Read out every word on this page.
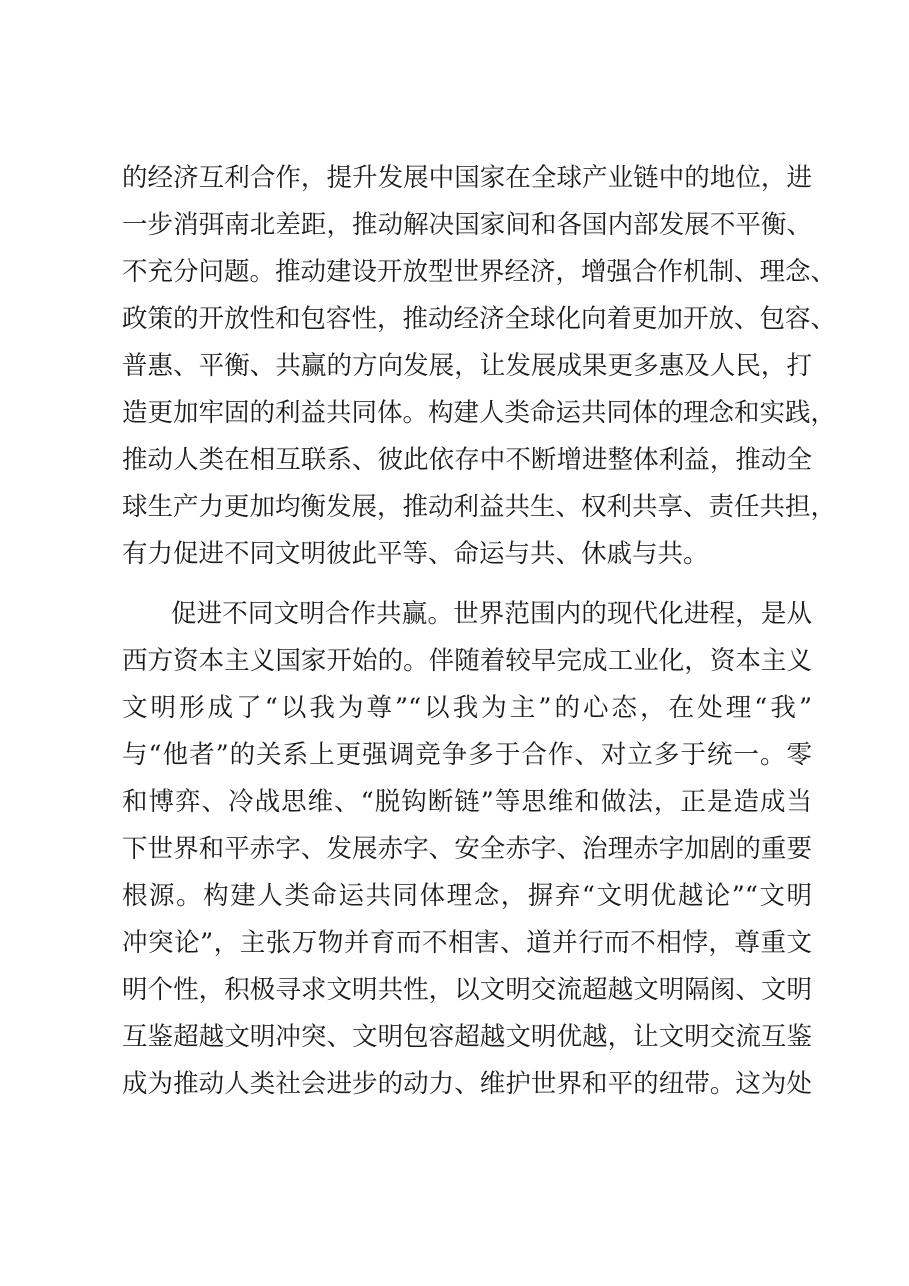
的经济互利合作，提升发展中国家在全球产业链中的地位，进
一步消弭南北差距，推动解决国家间和各国内部发展不平衡、
不充分问题。推动建设开放型世界经济，增强合作机制、理念、
政策的开放性和包容性，推动经济全球化向着更加开放、包容、
普惠、平衡、共赢的方向发展，让发展成果更多惠及人民，打
造更加牢固的利益共同体。构建人类命运共同体的理念和实践，
推动人类在相互联系、彼此依存中不断增进整体利益，推动全
球生产力更加均衡发展，推动利益共生、权利共享、责任共担，
有力促进不同文明彼此平等、命运与共、休戚与共。
促进不同文明合作共赢。世界范围内的现代化进程，是从
西方资本主义国家开始的。伴随着较早完成工业化，资本主义
文明形成了“以我为尊”“以我为主”的心态，在处理“我”
与“他者”的关系上更强调竞争多于合作、对立多于统一。零
和博弈、冷战思维、“脱钩断链”等思维和做法，正是造成当
下世界和平赤字、发展赤字、安全赤字、治理赤字加剧的重要
根源。构建人类命运共同体理念，摒弃“文明优越论”“文明
冲突论”，主张万物并育而不相害、道并行而不相悖，尊重文
明个性，积极寻求文明共性，以文明交流超越文明隔阂、文明
互鉴超越文明冲突、文明包容超越文明优越，让文明交流互鉴
成为推动人类社会进步的动力、维护世界和平的纽带。这为处
